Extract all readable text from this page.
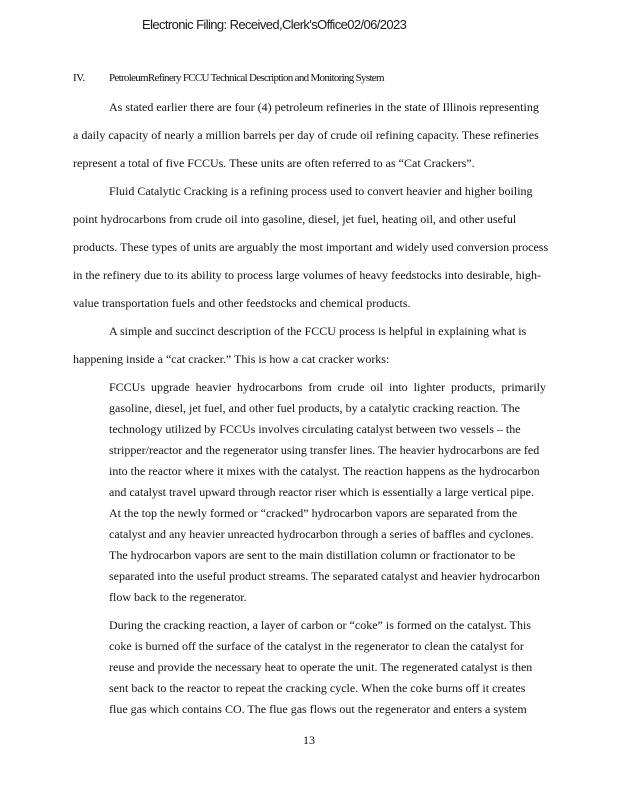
Electronic Filing: Received,Clerk'sOffice02/06/2023
IV. PetroleumRefinery FCCU Technical Description and Monitoring System
As stated earlier there are four (4) petroleum refineries in the state of Illinois representing
a daily capacity of nearly a million barrels per day of crude oil refining capacity. These refineries
represent a total of five FCCUs. These units are often referred to as “Cat Crackers”.
Fluid Catalytic Cracking is a refining process used to convert heavier and higher boiling
point hydrocarbons from crude oil into gasoline, diesel, jet fuel, heating oil, and other useful
products. These types of units are arguably the most important and widely used conversion process
in the refinery due to its ability to process large volumes of heavy feedstocks into desirable, high-
value transportation fuels and other feedstocks and chemical products.
A simple and succinct description of the FCCU process is helpful in explaining what is
happening inside a “cat cracker.” This is how a cat cracker works:
FCCUs upgrade heavier hydrocarbons from crude oil into lighter products, primarily
gasoline, diesel, jet fuel, and other fuel products, by a catalytic cracking reaction. The
technology utilized by FCCUs involves circulating catalyst between two vessels – the
stripper/reactor and the regenerator using transfer lines. The heavier hydrocarbons are fed
into the reactor where it mixes with the catalyst. The reaction happens as the hydrocarbon
and catalyst travel upward through reactor riser which is essentially a large vertical pipe.
At the top the newly formed or “cracked” hydrocarbon vapors are separated from the
catalyst and any heavier unreacted hydrocarbon through a series of baffles and cyclones.
The hydrocarbon vapors are sent to the main distillation column or fractionator to be
separated into the useful product streams. The separated catalyst and heavier hydrocarbon
flow back to the regenerator.
During the cracking reaction, a layer of carbon or “coke” is formed on the catalyst. This
coke is burned off the surface of the catalyst in the regenerator to clean the catalyst for
reuse and provide the necessary heat to operate the unit. The regenerated catalyst is then
sent back to the reactor to repeat the cracking cycle. When the coke burns off it creates
flue gas which contains CO. The flue gas flows out the regenerator and enters a system
13
